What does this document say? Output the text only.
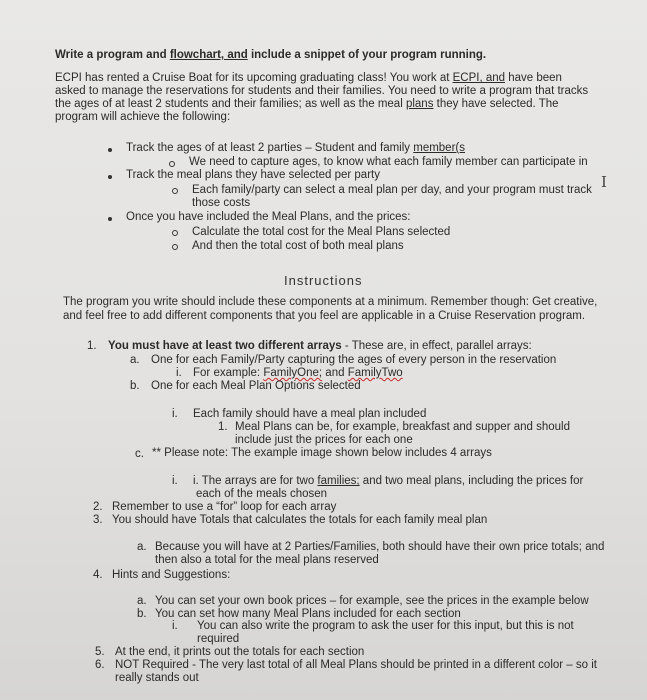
Write a program and flowchart, and include a snippet of your program running.
ECPI has rented a Cruise Boat for its upcoming graduating class! You work at ECPI, and have been
asked to manage the reservations for students and their families. You need to write a program that tracks
the ages of at least 2 students and their families; as well as the meal plans they have selected. The
program will achieve the following:
Track the ages of at least 2 parties – Student and family member(s
We need to capture ages, to know what each family member can participate in
Track the meal plans they have selected per party
Each family/party can select a meal plan per day, and your program must track
those costs
I
Once you have included the Meal Plans, and the prices:
Calculate the total cost for the Meal Plans selected
And then the total cost of both meal plans
Instructions
The program you write should include these components at a minimum. Remember though: Get creative,
and feel free to add different components that you feel are applicable in a Cruise Reservation program.
1. You must have at least two different arrays - These are, in effect, parallel arrays:
a. One for each Family/Party capturing the ages of every person in the reservation
i. For example: FamilyOne; and FamilyTwo
b. One for each Meal Plan Options selected
i. Each family should have a meal plan included
1. Meal Plans can be, for example, breakfast and supper and should
include just the prices for each one
c. ** Please note: The example image shown below includes 4 arrays
i. i. The arrays are for two families; and two meal plans, including the prices for
each of the meals chosen
2. Remember to use a “for” loop for each array
3. You should have Totals that calculates the totals for each family meal plan
a. Because you will have at 2 Parties/Families, both should have their own price totals; and
then also a total for the meal plans reserved
4. Hints and Suggestions:
a. You can set your own book prices – for example, see the prices in the example below
b. You can set how many Meal Plans included for each section
i. You can also write the program to ask the user for this input, but this is not
required
5. At the end, it prints out the totals for each section
6. NOT Required - The very last total of all Meal Plans should be printed in a different color – so it
really stands out
